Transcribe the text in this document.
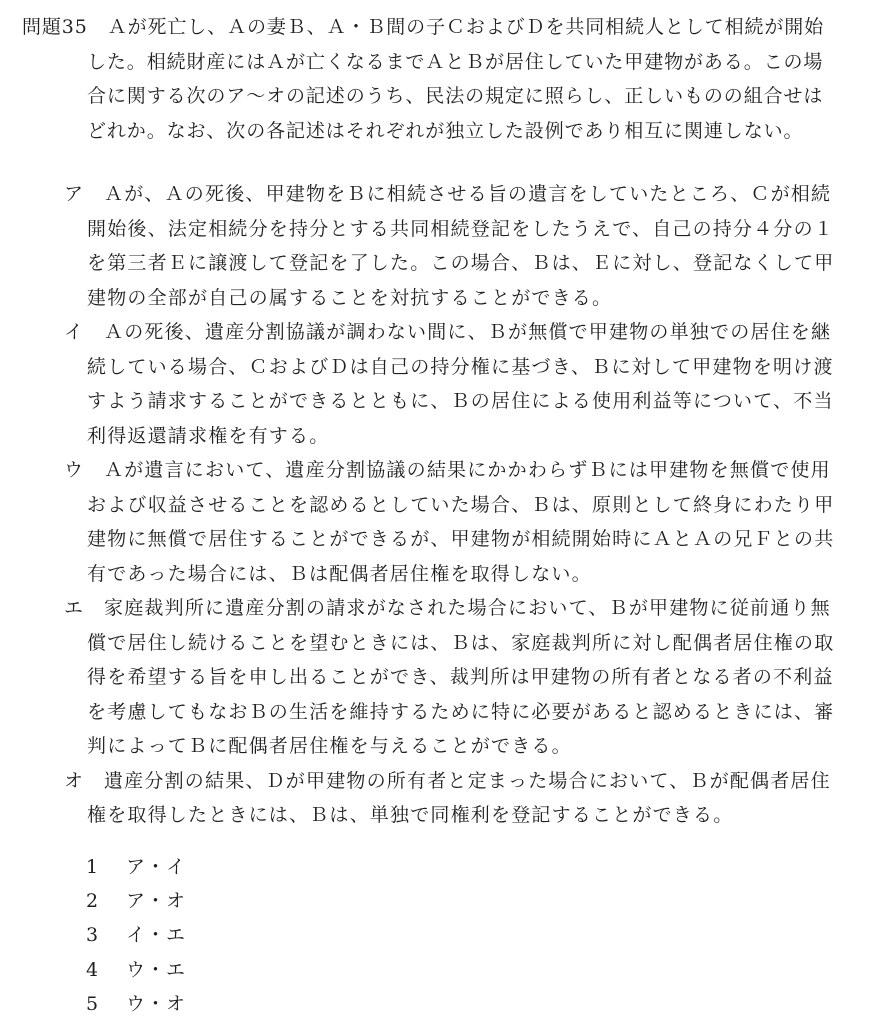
問題35　Ａが死亡し、Ａの妻Ｂ、Ａ・Ｂ間の子ＣおよびＤを共同相続人として相続が開始
した。相続財産にはＡが亡くなるまでＡとＢが居住していた甲建物がある。この場
合に関する次のア〜オの記述のうち、民法の規定に照らし、正しいものの組合せは
どれか。なお、次の各記述はそれぞれが独立した設例であり相互に関連しない。
ア Ａが、Ａの死後、甲建物をＢに相続させる旨の遺言をしていたところ、Ｃが相続
開始後、法定相続分を持分とする共同相続登記をしたうえで、自己の持分４分の１
を第三者Ｅに譲渡して登記を了した。この場合、Ｂは、Ｅに対し、登記なくして甲
建物の全部が自己の属することを対抗することができる。
イ Ａの死後、遺産分割協議が調わない間に、Ｂが無償で甲建物の単独での居住を継
続している場合、ＣおよびＤは自己の持分権に基づき、Ｂに対して甲建物を明け渡
すよう請求することができるとともに、Ｂの居住による使用利益等について、不当
利得返還請求権を有する。
ウ Ａが遺言において、遺産分割協議の結果にかかわらずＢには甲建物を無償で使用
および収益させることを認めるとしていた場合、Ｂは、原則として終身にわたり甲
建物に無償で居住することができるが、甲建物が相続開始時にＡとＡの兄Ｆとの共
有であった場合には、Ｂは配偶者居住権を取得しない。
エ 家庭裁判所に遺産分割の請求がなされた場合において、Ｂが甲建物に従前通り無
償で居住し続けることを望むときには、Ｂは、家庭裁判所に対し配偶者居住権の取
得を希望する旨を申し出ることができ、裁判所は甲建物の所有者となる者の不利益
を考慮してもなおＢの生活を維持するために特に必要があると認めるときには、審
判によってＢに配偶者居住権を与えることができる。
オ 遺産分割の結果、Ｄが甲建物の所有者と定まった場合において、Ｂが配偶者居住
権を取得したときには、Ｂは、単独で同権利を登記することができる。
1 ア・イ
2 ア・オ
3 イ・エ
4 ウ・エ
5 ウ・オ
